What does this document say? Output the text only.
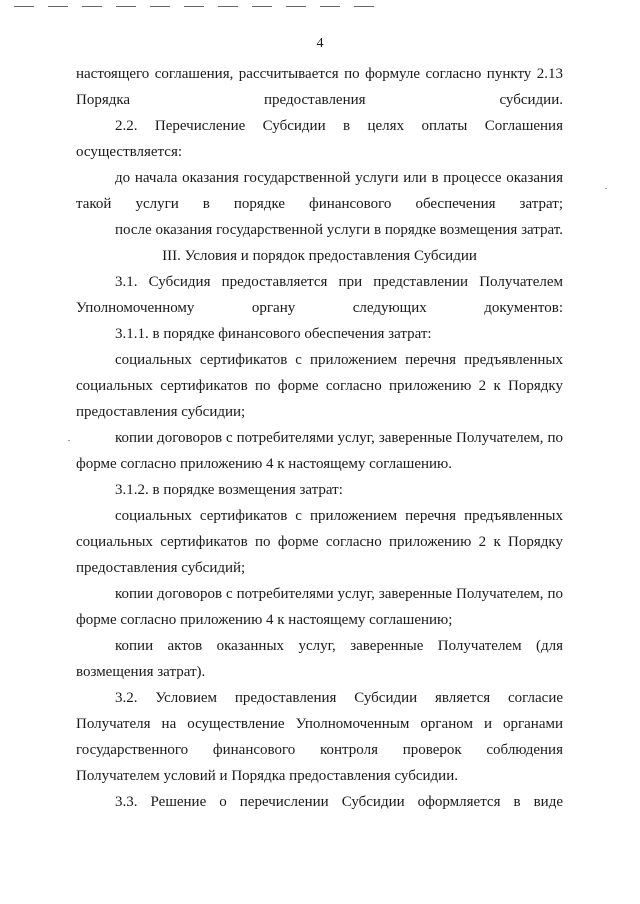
4

настоящего соглашения, рассчитывается по формуле согласно пункту 2.13 Порядка предоставления субсидии.

2.2. Перечисление Субсидии в целях оплаты Соглашения осуществляется:

до начала оказания государственной услуги или в процессе оказания такой услуги в порядке финансового обеспечения затрат;

после оказания государственной услуги в порядке возмещения затрат.

III. Условия и порядок предоставления Субсидии

3.1. Субсидия предоставляется при представлении Получателем Уполномоченному органу следующих документов:

3.1.1. в порядке финансового обеспечения затрат:

социальных сертификатов с приложением перечня предъявленных социальных сертификатов по форме согласно приложению 2 к Порядку предоставления субсидии;

копии договоров с потребителями услуг, заверенные Получателем, по форме согласно приложению 4 к настоящему соглашению.

3.1.2. в порядке возмещения затрат:

социальных сертификатов с приложением перечня предъявленных социальных сертификатов по форме согласно приложению 2 к Порядку предоставления субсидий;

копии договоров с потребителями услуг, заверенные Получателем, по форме согласно приложению 4 к настоящему соглашению;

копии актов оказанных услуг, заверенные Получателем (для возмещения затрат).

3.2. Условием предоставления Субсидии является согласие Получателя на осуществление Уполномоченным органом и органами государственного финансового контроля проверок соблюдения Получателем условий и Порядка предоставления субсидии.

3.3. Решение о перечислении Субсидии оформляется в виде
